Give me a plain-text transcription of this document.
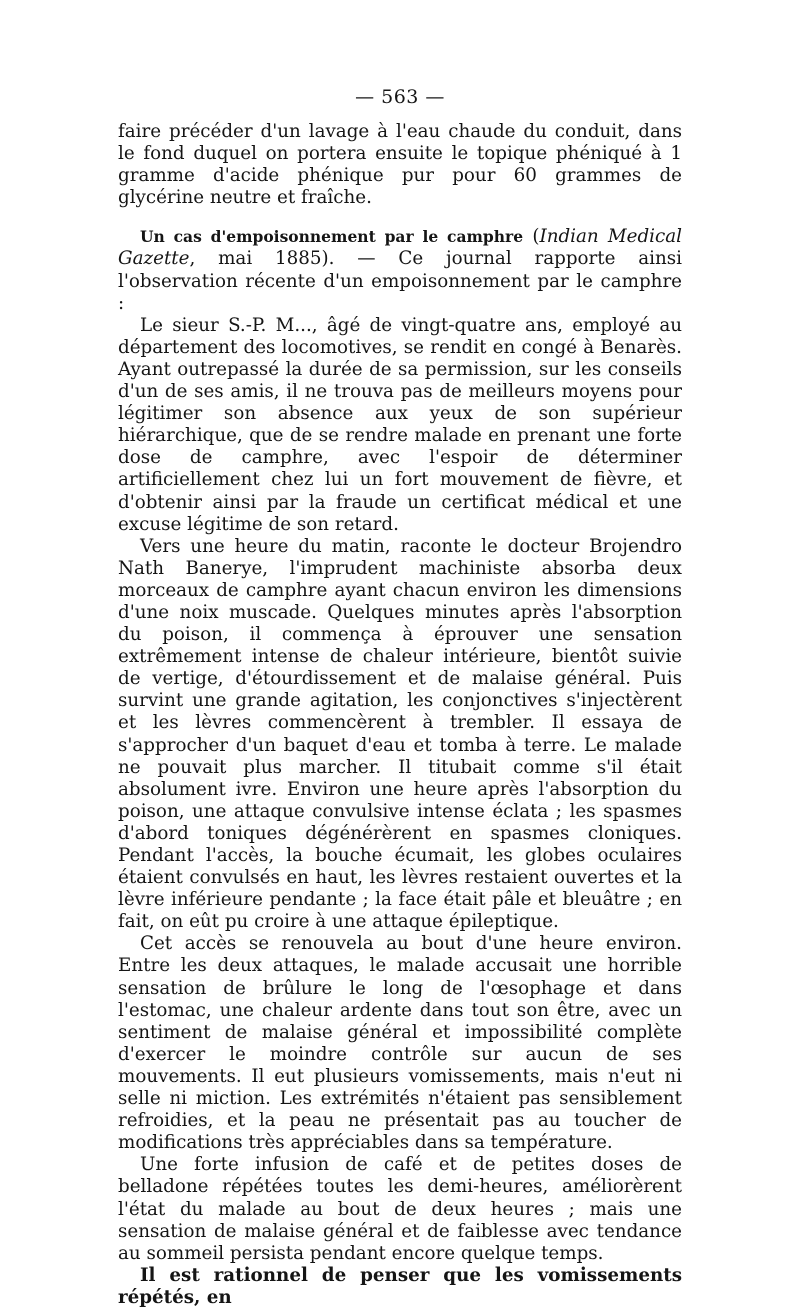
— 563 —

faire précéder d'un lavage à l'eau chaude du conduit, dans le fond duquel on portera ensuite le topique phéniqué à 1 gramme d'acide phénique pur pour 60 grammes de glycérine neutre et fraîche.

Un cas d'empoisonnement par le camphre (Indian Medical Gazette, mai 1885). — Ce journal rapporte ainsi l'observation récente d'un empoisonnement par le camphre :

Le sieur S.-P. M..., âgé de vingt-quatre ans, employé au département des locomotives, se rendit en congé à Benarès. Ayant outrepassé la durée de sa permission, sur les conseils d'un de ses amis, il ne trouva pas de meilleurs moyens pour légitimer son absence aux yeux de son supérieur hiérarchique, que de se rendre malade en prenant une forte dose de camphre, avec l'espoir de déterminer artificiellement chez lui un fort mouvement de fièvre, et d'obtenir ainsi par la fraude un certificat médical et une excuse légitime de son retard.

Vers une heure du matin, raconte le docteur Brojendro Nath Banerye, l'imprudent machiniste absorba deux morceaux de camphre ayant chacun environ les dimensions d'une noix muscade. Quelques minutes après l'absorption du poison, il commença à éprouver une sensation extrêmement intense de chaleur intérieure, bientôt suivie de vertige, d'étourdissement et de malaise général. Puis survint une grande agitation, les conjonctives s'injectèrent et les lèvres commencèrent à trembler. Il essaya de s'approcher d'un baquet d'eau et tomba à terre. Le malade ne pouvait plus marcher. Il titubait comme s'il était absolument ivre. Environ une heure après l'absorption du poison, une attaque convulsive intense éclata ; les spasmes d'abord toniques dégénérèrent en spasmes cloniques. Pendant l'accès, la bouche écumait, les globes oculaires étaient convulsés en haut, les lèvres restaient ouvertes et la lèvre inférieure pendante ; la face était pâle et bleuâtre ; en fait, on eût pu croire à une attaque épileptique.

Cet accès se renouvela au bout d'une heure environ. Entre les deux attaques, le malade accusait une horrible sensation de brûlure le long de l'œsophage et dans l'estomac, une chaleur ardente dans tout son être, avec un sentiment de malaise général et impossibilité complète d'exercer le moindre contrôle sur aucun de ses mouvements. Il eut plusieurs vomissements, mais n'eut ni selle ni miction. Les extrémités n'étaient pas sensiblement refroidies, et la peau ne présentait pas au toucher de modifications très appréciables dans sa température.

Une forte infusion de café et de petites doses de belladone répétées toutes les demi-heures, améliorèrent l'état du malade au bout de deux heures ; mais une sensation de malaise général et de faiblesse avec tendance au sommeil persista pendant encore quelque temps.

Il est rationnel de penser que les vomissements répétés, en
